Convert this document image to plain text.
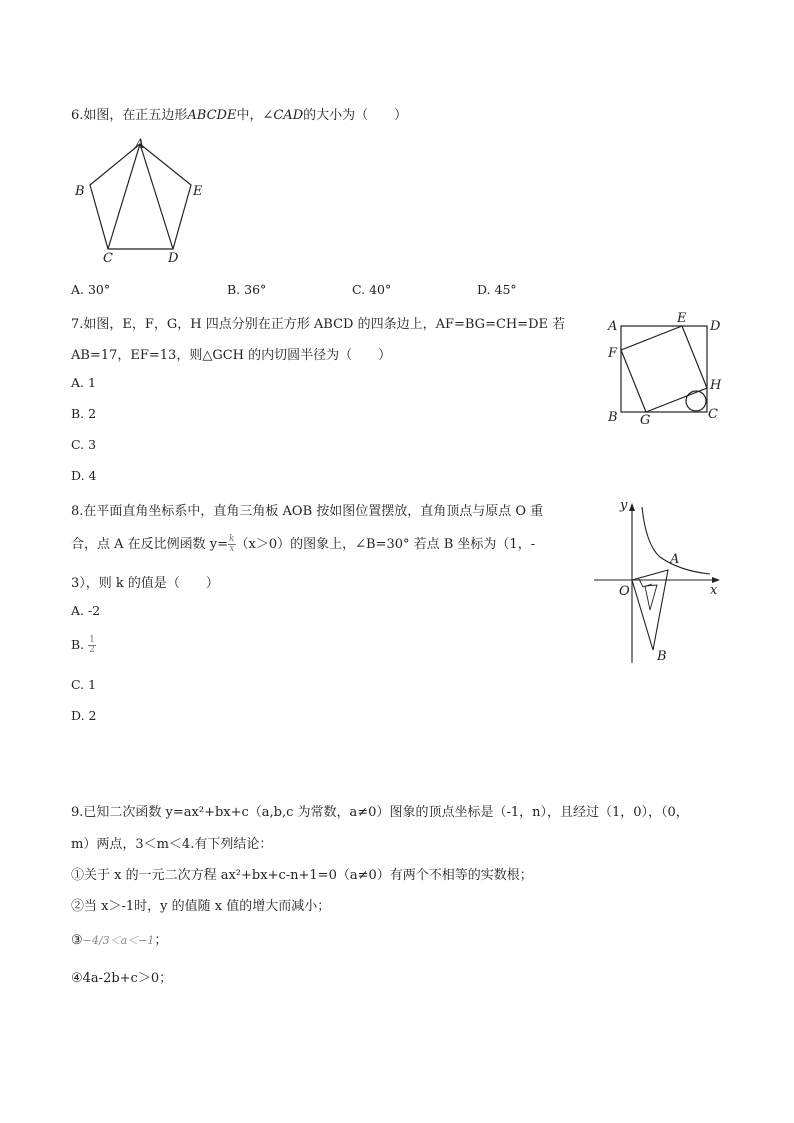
6.如图，在正五边形ABCDE中，∠CAD的大小为（　　）
A
B
C	D
E
A. 30°	B. 36°	C. 40°	D. 45°
7.如图，E，F，G，H 四点分别在正方形 ABCD 的四条边上，AF=BG=CH=DE 若
AB=17，EF=13，则△GCH 的内切圆半径为（　　）
A. 1
B. 2
C. 3
D. 4
A
E
D
F
H
B G	C
8.在平面直角坐标系中，直角三角板 AOB 按如图位置摆放，直角顶点与原点 O 重
合，点 A 在反比例函数 $y= \frac{k}{x} (x>0)$的图象上，∠B=30° 若点 B 坐标为（1，-
3），则 k 的值是（　　）
A. -2
B. $\frac{1}{2}$
C. 1
D. 2
y
x
O
A
B
9.已知二次函数 y=ax²+bx+c（a,b,c 为常数，a≠0）图象的顶点坐标是（-1，n），且经过（1，0），（0，
m）两点，3＜m＜4.有下列结论：
①关于 x 的一元二次方程 ax²+bx+c-n+1=0（a≠0）有两个不相等的实数根；
②当 x＞-1时，y 的值随 x 值的增大而减小；
③−4/3＜a＜−1；
④4a-2b+c＞0；
